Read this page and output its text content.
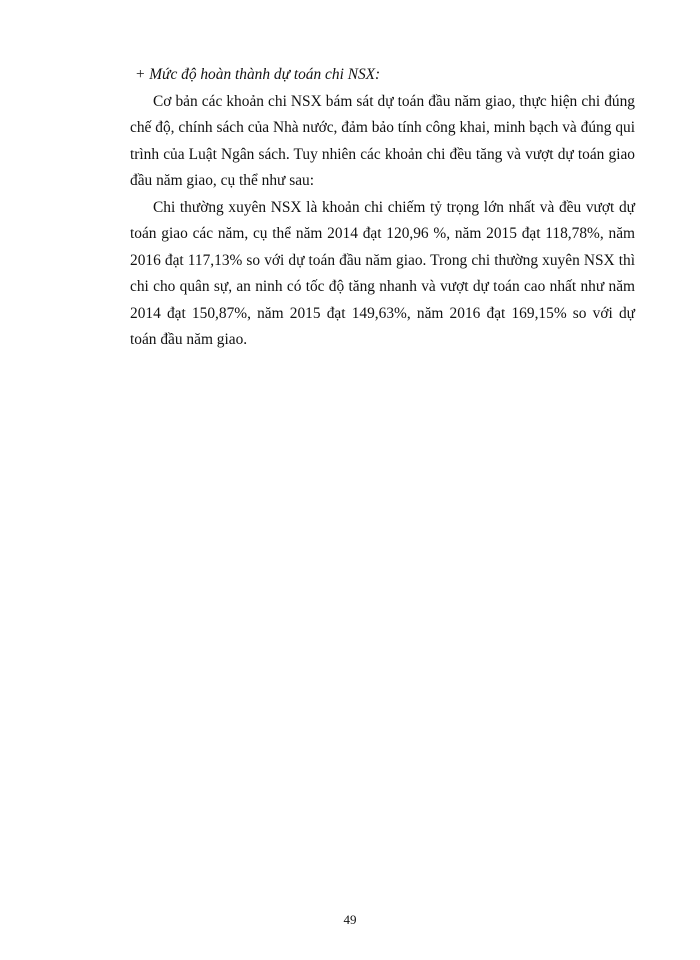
+ Mức độ hoàn thành dự toán chi NSX:

Cơ bản các khoản chi NSX bám sát dự toán đầu năm giao, thực hiện chi đúng chế độ, chính sách của Nhà nước, đảm bảo tính công khai, minh bạch và đúng qui trình của Luật Ngân sách. Tuy nhiên các khoản chi đều tăng và vượt dự toán giao đầu năm giao, cụ thể như sau:

Chi thường xuyên NSX là khoản chi chiếm tỷ trọng lớn nhất và đều vượt dự toán giao các năm, cụ thể năm 2014 đạt 120,96 %, năm 2015 đạt 118,78%, năm 2016 đạt 117,13% so với dự toán đầu năm giao. Trong chi thường xuyên NSX thì chi cho quân sự, an ninh có tốc độ tăng nhanh và vượt dự toán cao nhất như năm 2014 đạt 150,87%, năm 2015 đạt 149,63%, năm 2016 đạt 169,15% so với dự toán đầu năm giao.

49
